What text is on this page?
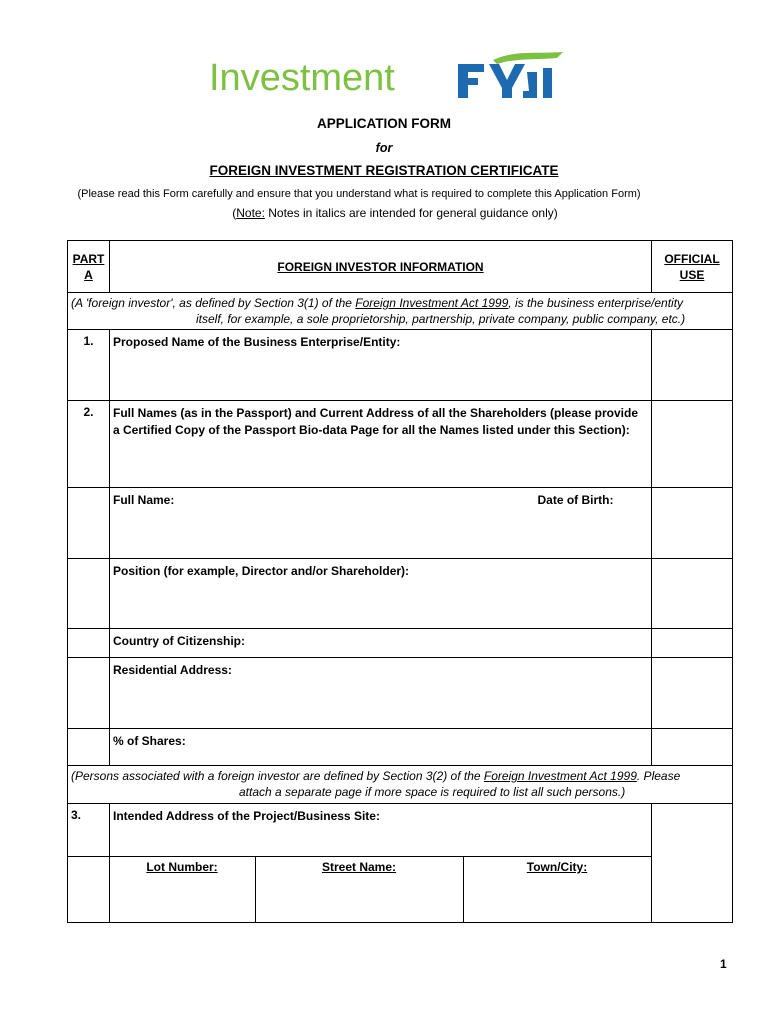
Investment
APPLICATION FORM
for
FOREIGN INVESTMENT REGISTRATION CERTIFICATE
(Please read this Form carefully and ensure that you understand what is required to complete this Application Form)
(Note: Notes in italics are intended for general guidance only)
PART
A	FOREIGN INVESTOR INFORMATION			OFFICIAL
USE
(A 'foreign investor', as defined by Section 3(1) of the Foreign Investment Act 1999, is the business enterprise/entity
itself, for example, a sole proprietorship, partnership, private company, public company, etc.)				

1.	Proposed Name of the Business Enterprise/Entity:			
2.	Full Names (as in the Passport) and Current Address of all the Shareholders (please provide a Certified Copy of the Passport Bio-data Page for all the Names listed under this Section):			
	Full Name: Date of Birth:			

	Position (for example, Director and/or Shareholder):			
	Country of Citizenship:			
	Residential Address:			
	% of Shares:			
(Persons associated with a foreign investor are defined by Section 3(2) of the Foreign Investment Act 1999. Please
attach a separate page if more space is required to list all such persons.)				

3.	Intended Address of the Project/Business Site:			
	Lot Number:	Street Name:	Town/City:	
1
